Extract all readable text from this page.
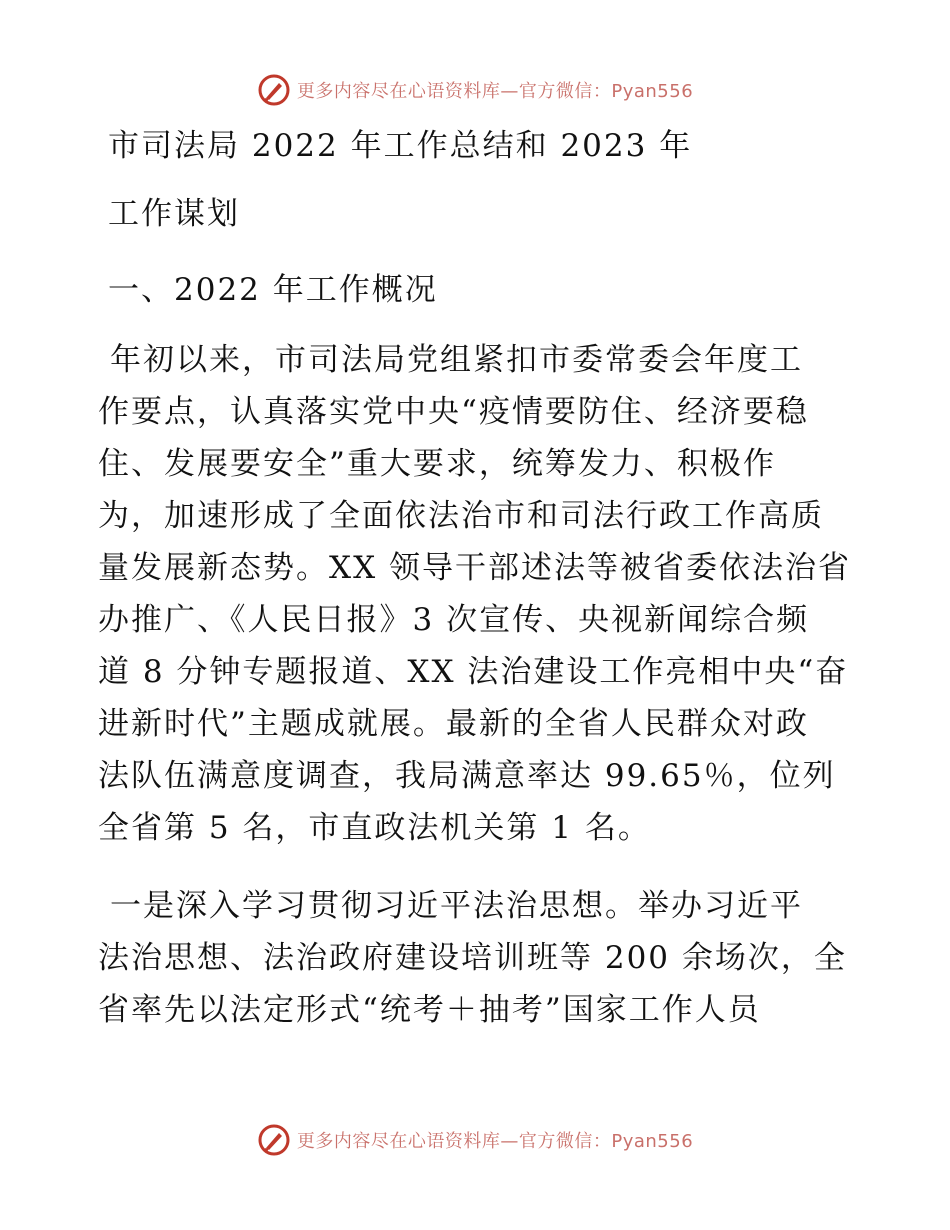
更多内容尽在心语资料库—官方微信：Pyan556
市司法局 2022 年工作总结和 2023 年
工作谋划
一、2022 年工作概况
年初以来，市司法局党组紧扣市委常委会年度工
作要点，认真落实党中央“疫情要防住、经济要稳
住、发展要安全”重大要求，统筹发力、积极作
为，加速形成了全面依法治市和司法行政工作高质
量发展新态势。XX 领导干部述法等被省委依法治省
办推广、《人民日报》3 次宣传、央视新闻综合频
道 8 分钟专题报道、XX 法治建设工作亮相中央“奋
进新时代”主题成就展。最新的全省人民群众对政
法队伍满意度调查，我局满意率达 99.65％，位列
全省第 5 名，市直政法机关第 1 名。
一是深入学习贯彻习近平法治思想。举办习近平
法治思想、法治政府建设培训班等 200 余场次，全
省率先以法定形式“统考＋抽考”国家工作人员
更多内容尽在心语资料库—官方微信：Pyan556
